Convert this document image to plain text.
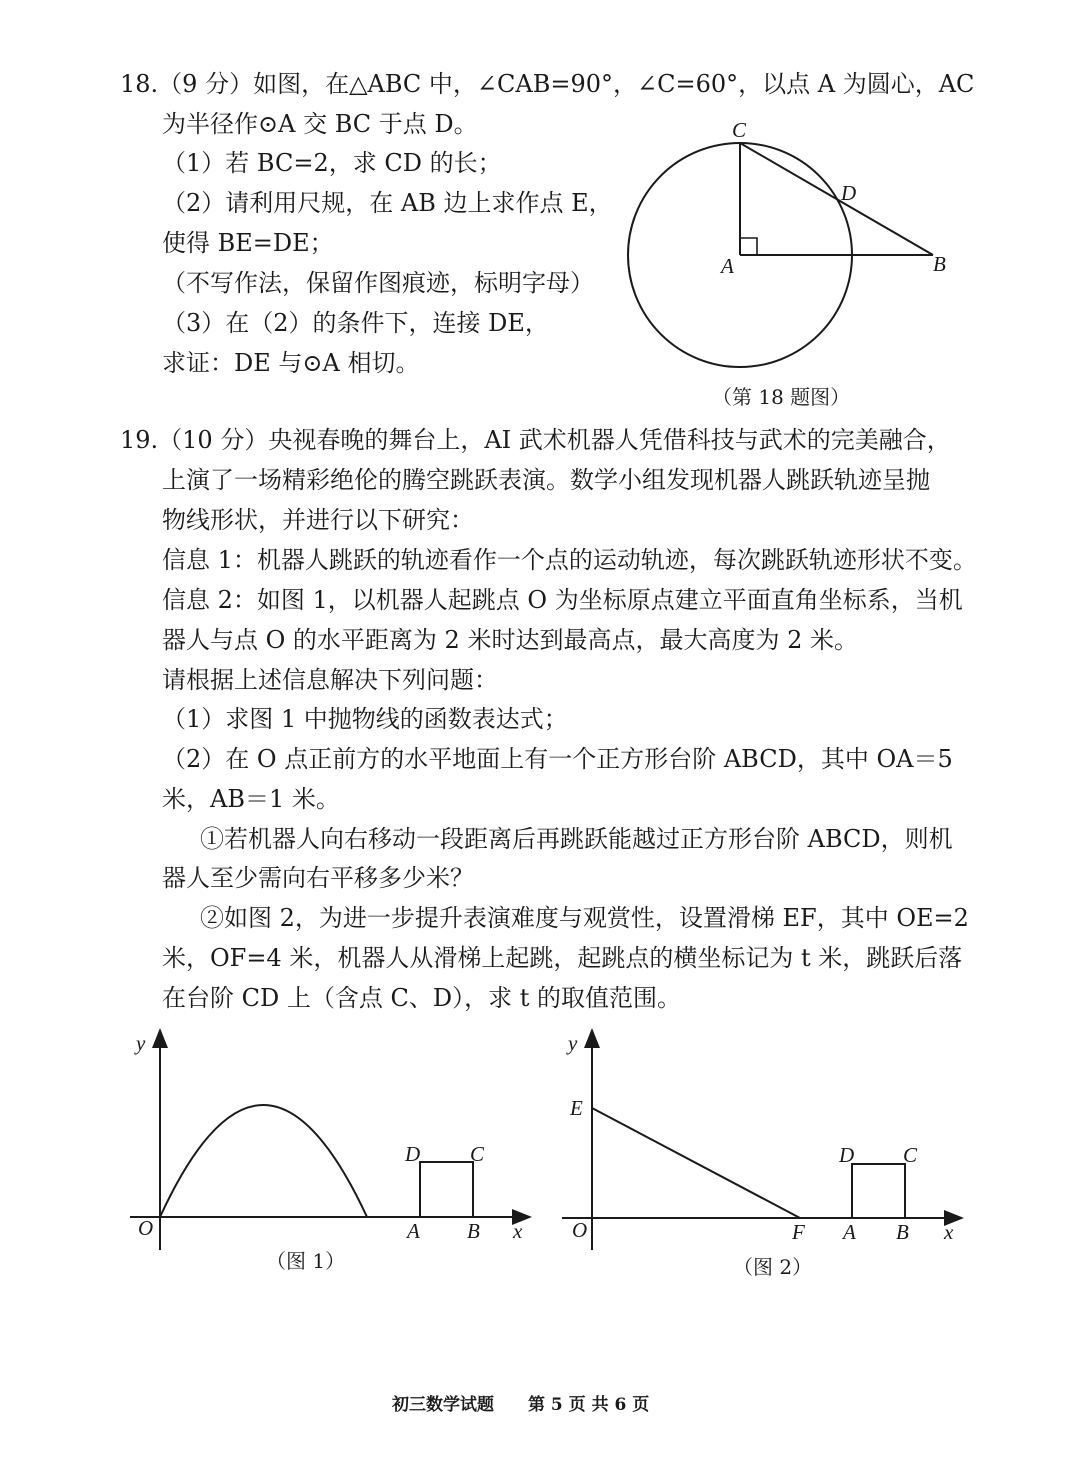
18.（9 分）如图，在△ABC 中，∠CAB=90°，∠C=60°，以点 A 为圆心，AC
为半径作⊙A 交 BC 于点 D。
（1）若 BC=2，求 CD 的长；
（2）请利用尺规，在 AB 边上求作点 E，
使得 BE=DE；
（不写作法，保留作图痕迹，标明字母）
（3）在（2）的条件下，连接 DE，
求证：DE 与⊙A 相切。
C
D
A	B
（第 18 题图）
19.（10 分）央视春晚的舞台上，AI 武术机器人凭借科技与武术的完美融合，
上演了一场精彩绝伦的腾空跳跃表演。数学小组发现机器人跳跃轨迹呈抛
物线形状，并进行以下研究：
信息 1：机器人跳跃的轨迹看作一个点的运动轨迹，每次跳跃轨迹形状不变。
信息 2：如图 1，以机器人起跳点 O 为坐标原点建立平面直角坐标系，当机
器人与点 O 的水平距离为 2 米时达到最高点，最大高度为 2 米。
请根据上述信息解决下列问题：
（1）求图 1 中抛物线的函数表达式；
（2）在 O 点正前方的水平地面上有一个正方形台阶 ABCD，其中 OA＝5
米，AB＝1 米。
①若机器人向右移动一段距离后再跳跃能越过正方形台阶 ABCD，则机
器人至少需向右平移多少米？
②如图 2，为进一步提升表演难度与观赏性，设置滑梯 EF，其中 OE=2
米，OF=4 米，机器人从滑梯上起跳，起跳点的横坐标记为 t 米，跳跃后落
在台阶 CD 上（含点 C、D），求 t 的取值范围。
y
O
D C
A B x
（图 1）
y
E
O	F
D C
A B x
（图 2）
初三数学试题　　第 5 页 共 6 页
